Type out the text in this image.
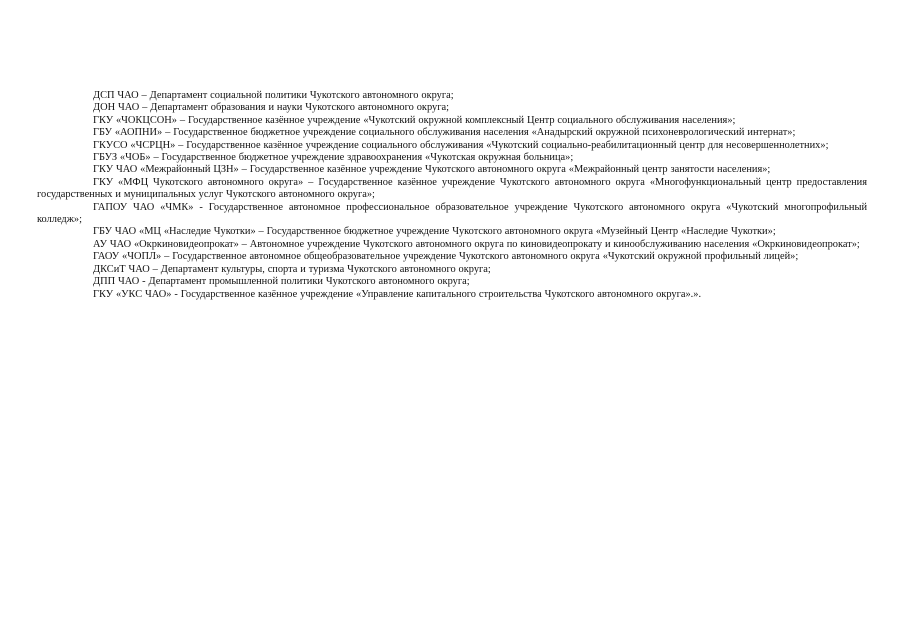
ДСП ЧАО – Департамент социальной политики Чукотского автономного округа;

ДОН ЧАО – Департамент образования и науки Чукотского автономного округа;

ГКУ «ЧОКЦСОН» – Государственное казённое учреждение «Чукотский окружной комплексный Центр социального обслуживания населения»;

ГБУ «АОПНИ» – Государственное бюджетное учреждение социального обслуживания населения «Анадырский окружной психоневрологический интернат»;

ГКУСО «ЧСРЦН» – Государственное казённое учреждение социального обслуживания «Чукотский социально-реабилитационный центр для несовершеннолетних»;

ГБУЗ «ЧОБ» – Государственное бюджетное учреждение здравоохранения «Чукотская окружная больница»;

ГКУ ЧАО «Межрайонный ЦЗН» – Государственное казённое учреждение Чукотского автономного округа «Межрайонный центр занятости населения»;

ГКУ «МФЦ Чукотского автономного округа» – Государственное казённое учреждение Чукотского автономного округа «Многофункциональный центр предоставления государственных и муниципальных услуг Чукотского автономного округа»;

ГАПОУ ЧАО «ЧМК» - Государственное автономное профессиональное образовательное учреждение Чукотского автономного округа «Чукотский многопрофильный колледж»;

ГБУ ЧАО «МЦ «Наследие Чукотки» – Государственное бюджетное учреждение Чукотского автономного округа «Музейный Центр «Наследие Чукотки»;

АУ ЧАО «Окркиновидеопрокат» – Автономное учреждение Чукотского автономного округа по киновидеопрокату и кинообслуживанию населения «Окркиновидеопрокат»;

ГАОУ «ЧОПЛ» – Государственное автономное общеобразовательное учреждение Чукотского автономного округа «Чукотский окружной профильный лицей»;

ДКСиТ ЧАО – Департамент культуры, спорта и туризма Чукотского автономного округа;

ДПП ЧАО - Департамент промышленной политики Чукотского автономного округа;

ГКУ «УКС ЧАО» - Государственное казённое учреждение «Управление капитального строительства Чукотского автономного округа».».
